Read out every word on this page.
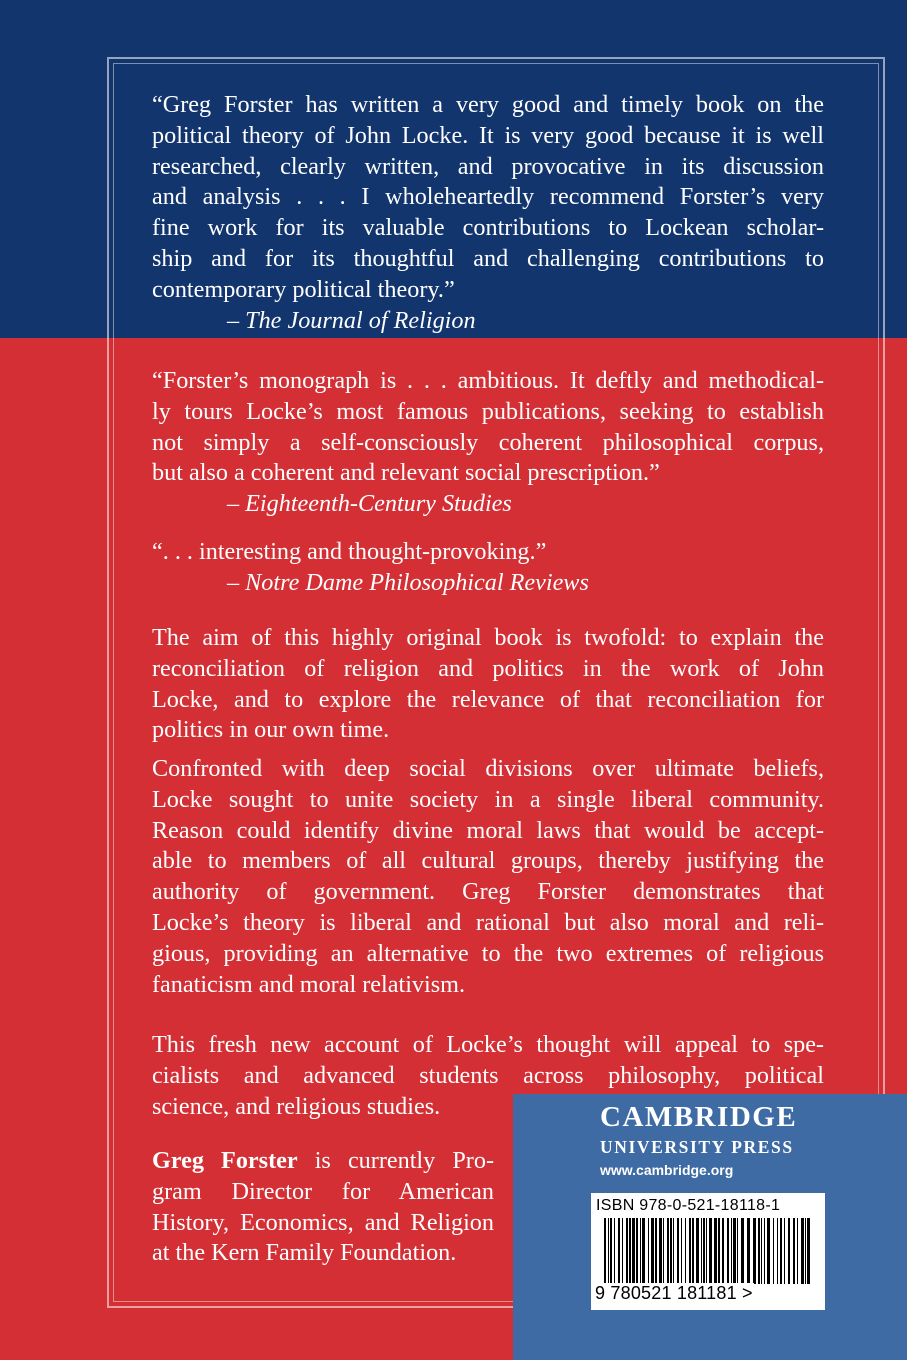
“Greg Forster has written a very good and timely book on the
political theory of John Locke. It is very good because it is well
researched, clearly written, and provocative in its discussion
and analysis . . . I wholeheartedly recommend Forster’s very
fine work for its valuable contributions to Lockean scholar-
ship and for its thoughtful and challenging contributions to
contemporary political theory.”
– The Journal of Religion
“Forster’s monograph is . . . ambitious. It deftly and methodical-
ly tours Locke’s most famous publications, seeking to establish
not simply a self-consciously coherent philosophical corpus,
but also a coherent and relevant social prescription.”
– Eighteenth-Century Studies
“. . . interesting and thought-provoking.”
– Notre Dame Philosophical Reviews
The aim of this highly original book is twofold: to explain the
reconciliation of religion and politics in the work of John
Locke, and to explore the relevance of that reconciliation for
politics in our own time.
Confronted with deep social divisions over ultimate beliefs,
Locke sought to unite society in a single liberal community.
Reason could identify divine moral laws that would be accept-
able to members of all cultural groups, thereby justifying the
authority of government. Greg Forster demonstrates that
Locke’s theory is liberal and rational but also moral and reli-
gious, providing an alternative to the two extremes of religious
fanaticism and moral relativism.
This fresh new account of Locke’s thought will appeal to spe-
cialists and advanced students across philosophy, political
science, and religious studies.
Greg Forster is currently Pro-
gram Director for American
History, Economics, and Religion
at the Kern Family Foundation.

CAMBRIDGE

UNIVERSITY PRESS

www.cambridge.org

ISBN 978-0-521-18118-1

9 780521 181181 >
